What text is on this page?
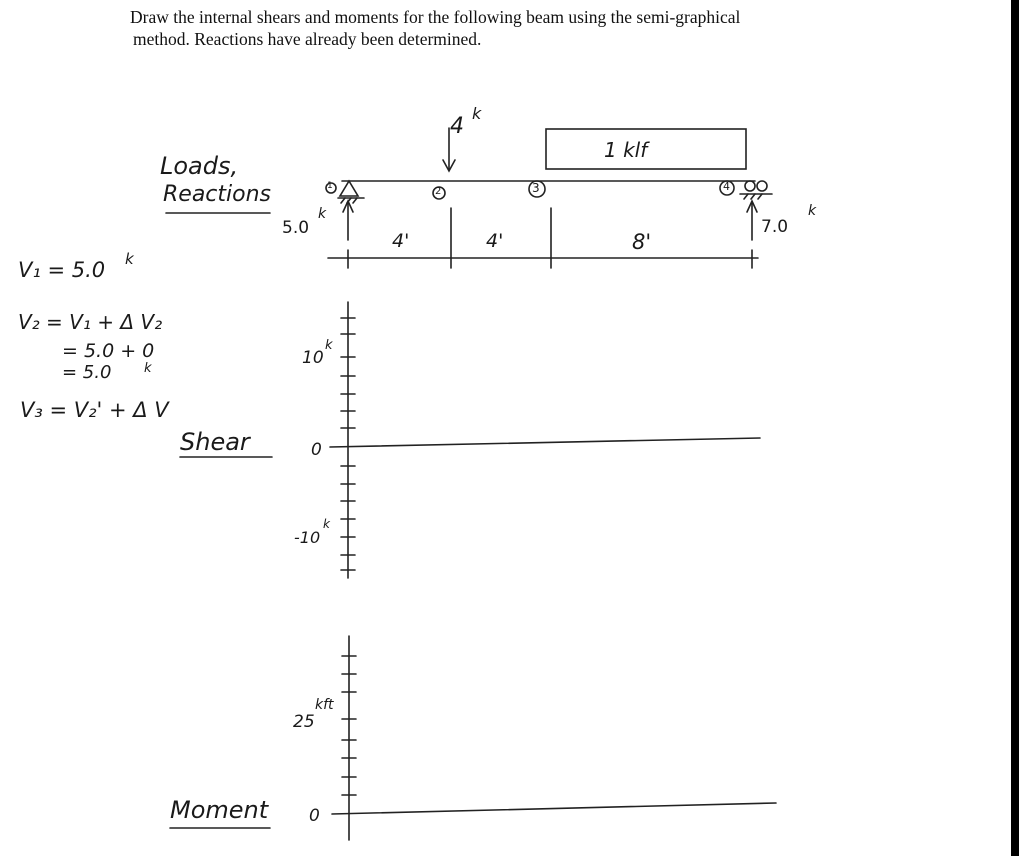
Draw the internal shears and moments for the following beam using the semi-graphical
method. Reactions have already been determined.
Loads,
Reactions
4
k
1 klf
1	2	3	4
5.0
k
7.0
k
4'	4'	8'
V₁ = 5.0 k
V₂ = V₁ + Δ V₂
= 5.0 + 0
= 5.0	k
V₃ = V₂' + Δ V
Shear
10
k
0
-10
k
Moment
25
kft
0
